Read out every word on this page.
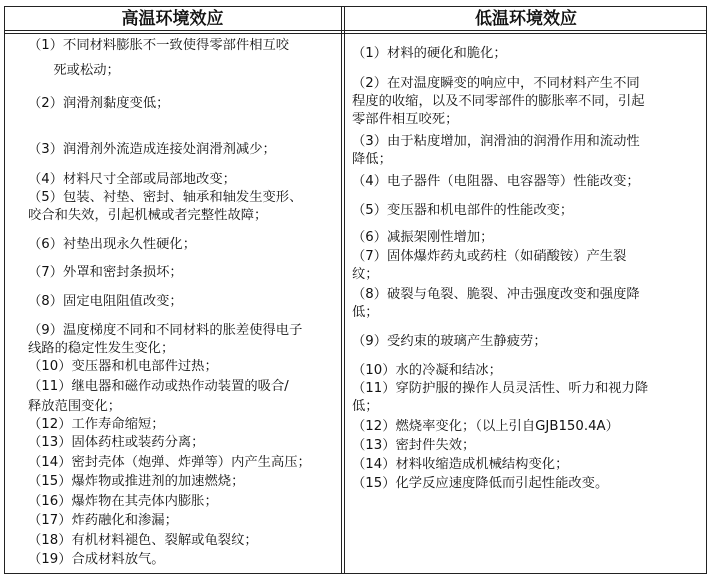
高温环境效应	低温环境效应
（1）不同材料膨胀不一致使得零部件相互咬
死或松动；
（2）润滑剂黏度变低；
（3）润滑剂外流造成连接处润滑剂减少；
（4）材料尺寸全部或局部地改变；
（5）包装、衬垫、密封、轴承和轴发生变形、
咬合和失效，引起机械或者完整性故障；
（6）衬垫出现永久性硬化；
（7）外罩和密封条损坏；
（8）固定电阻阻值改变；
（9）温度梯度不同和不同材料的胀差使得电子
线路的稳定性发生变化；
（10）变压器和机电部件过热；
（11）继电器和磁作动或热作动装置的吸合/
释放范围变化；
（12）工作寿命缩短；
（13）固体药柱或装药分离；
（14）密封壳体（炮弹、炸弹等）内产生高压；
（15）爆炸物或推进剂的加速燃烧；
（16）爆炸物在其壳体内膨胀；
（17）炸药融化和渗漏；
（18）有机材料褪色、裂解或龟裂纹；
（19）合成材料放气。
（1）材料的硬化和脆化；
（2）在对温度瞬变的响应中，不同材料产生不同
程度的收缩，以及不同零部件的膨胀率不同，引起
零部件相互咬死；
（3）由于粘度增加，润滑油的润滑作用和流动性
降低；
（4）电子器件（电阻器、电容器等）性能改变；
（5）变压器和机电部件的性能改变；
（6）减振架刚性增加；
（7）固体爆炸药丸或药柱（如硝酸铵）产生裂
纹；
（8）破裂与龟裂、脆裂、冲击强度改变和强度降
低；
（9）受约束的玻璃产生静疲劳；
（10）水的冷凝和结冰；
（11）穿防护服的操作人员灵活性、听力和视力降
低；
（12）燃烧率变化；（以上引自GJB150.4A）
（13）密封件失效；
（14）材料收缩造成机械结构变化；
（15）化学反应速度降低而引起性能改变。
